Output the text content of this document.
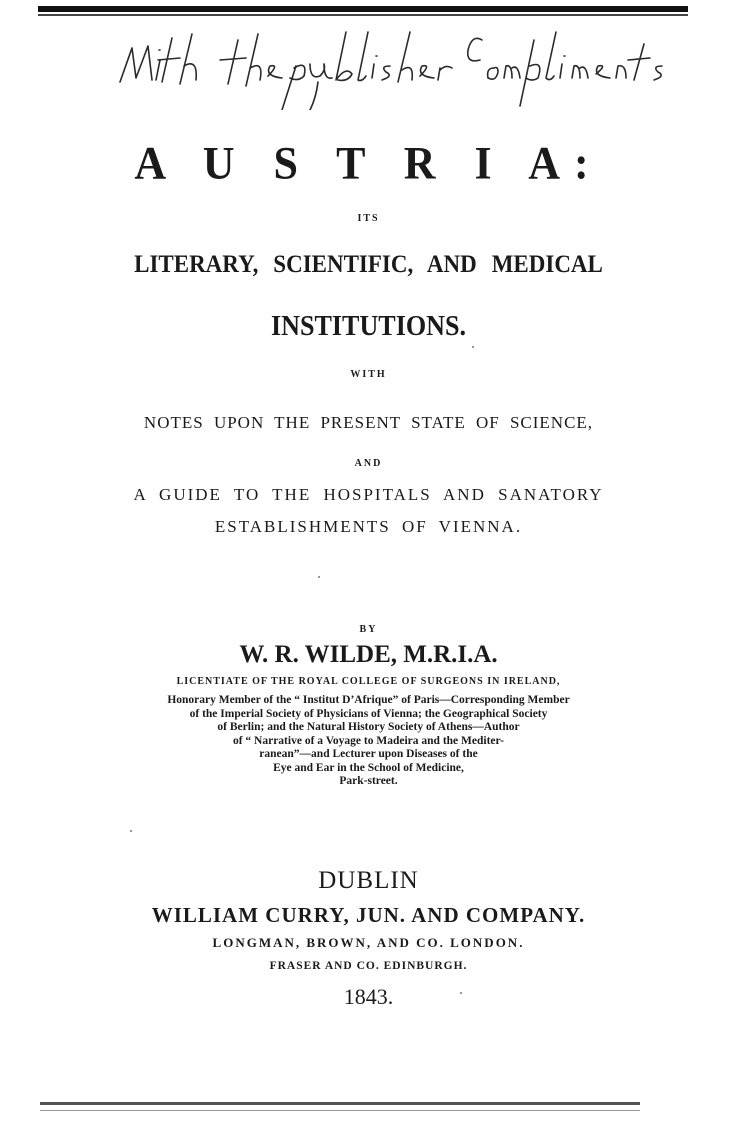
A U S T R I A:
ITS
LITERARY, SCIENTIFIC, AND MEDICAL
INSTITUTIONS.
WITH
NOTES UPON THE PRESENT STATE OF SCIENCE,
AND
A GUIDE TO THE HOSPITALS AND SANATORY
ESTABLISHMENTS OF VIENNA.
BY
W. R. WILDE, M.R.I.A.
LICENTIATE OF THE ROYAL COLLEGE OF SURGEONS IN IRELAND,
Honorary Member of the “ Institut D’Afrique” of Paris—Corresponding Member
of the Imperial Society of Physicians of Vienna; the Geographical Society
of Berlin; and the Natural History Society of Athens—Author
of “ Narrative of a Voyage to Madeira and the Mediter-
ranean”—and Lecturer upon Diseases of the
Eye and Ear in the School of Medicine,
Park-street.
DUBLIN
WILLIAM CURRY, JUN. AND COMPANY.
LONGMAN, BROWN, AND CO. LONDON.
FRASER AND CO. EDINBURGH.
1843.
